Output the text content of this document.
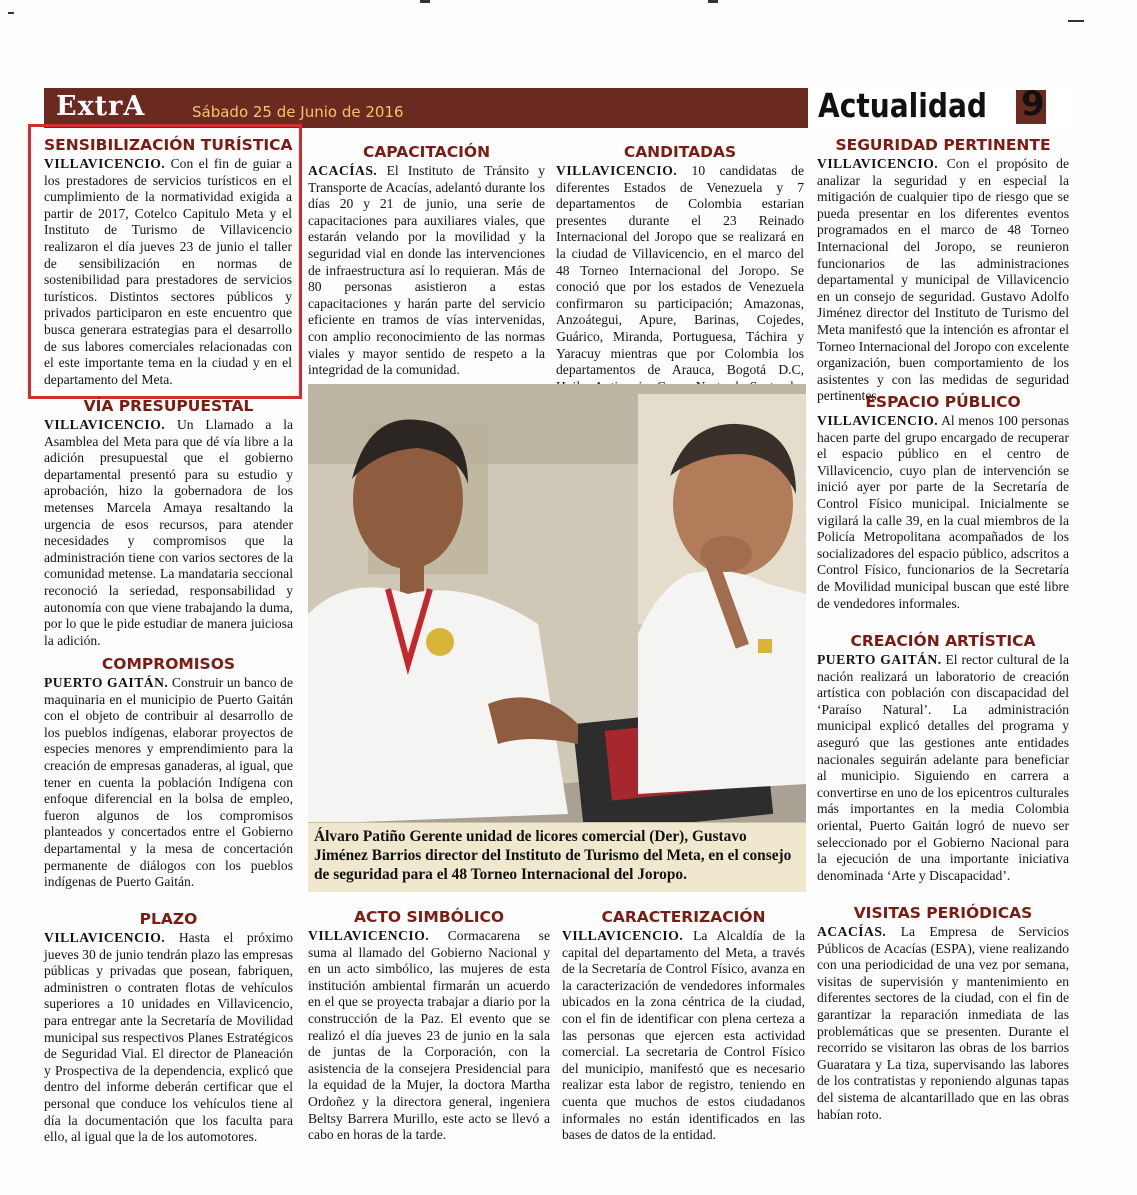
ExtrA	Sábado 25 de Junio de 2016	Actualidad 9
SENSIBILIZACIÓN TURÍSTICA
VILLAVICENCIO. Con el fin de guiar a los prestadores de servicios turísticos en el cumplimiento de la normatividad exigida a partir de 2017, Cotelco Capitulo Meta y el Instituto de Turismo de Villavicencio realizaron el día jueves 23 de junio el taller de sensibilización en normas de sostenibilidad para prestadores de servicios turísticos. Distintos sectores públicos y privados participaron en este encuentro que busca generara estrategias para el desarrollo de sus labores comerciales relacionadas con el este importante tema en la ciudad y en el departamento del Meta.
VÍA PRESUPUESTAL
VILLAVICENCIO. Un Llamado a la Asamblea del Meta para que dé vía libre a la adición presupuestal que el gobierno departamental presentó para su estudio y aprobación, hizo la gobernadora de los metenses Marcela Amaya resaltando la urgencia de esos recursos, para atender necesidades y compromisos que la administración tiene con varios sectores de la comunidad metense. La mandataria seccional reconoció la seriedad, responsabilidad y autonomía con que viene trabajando la duma, por lo que le pide estudiar de manera juiciosa la adición.
COMPROMISOS
PUERTO GAITÁN. Construir un banco de maquinaria en el municipio de Puerto Gaitán con el objeto de contribuir al desarrollo de los pueblos indígenas, elaborar proyectos de especies menores y emprendimiento para la creación de empresas ganaderas, al igual, que tener en cuenta la población Indígena con enfoque diferencial en la bolsa de empleo, fueron algunos de los compromisos planteados y concertados entre el Gobierno departamental y la mesa de concertación permanente de diálogos con los pueblos indígenas de Puerto Gaitán.
PLAZO
VILLAVICENCIO. Hasta el próximo jueves 30 de junio tendrán plazo las empresas públicas y privadas que posean, fabriquen, administren o contraten flotas de vehículos superiores a 10 unidades en Villavicencio, para entregar ante la Secretaría de Movilidad municipal sus respectivos Planes Estratégicos de Seguridad Vial. El director de Planeación y Prospectiva de la dependencia, explicó que dentro del informe deberán certificar que el personal que conduce los vehículos tiene al día la documentación que los faculta para ello, al igual que la de los automotores.
CAPACITACIÓN
ACACÍAS. El Instituto de Tránsito y Transporte de Acacías, adelantó durante los días 20 y 21 de junio, una serie de capacitaciones para auxiliares viales, que estarán velando por la movilidad y la seguridad vial en donde las intervenciones de infraestructura así lo requieran. Más de 80 personas asistieron a estas capacitaciones y harán parte del servicio eficiente en tramos de vías intervenidas, con amplio reconocimiento de las normas viales y mayor sentido de respeto a la integridad de la comunidad.
CANDITADAS
VILLAVICENCIO. 10 candidatas de diferentes Estados de Venezuela y 7 departamentos de Colombia estarian presentes durante el 23 Reinado Internacional del Joropo que se realizará en la ciudad de Villavicencio, en el marco del 48 Torneo Internacional del Joropo. Se conoció que por los estados de Venezuela confirmaron su participación; Amazonas, Anzoátegui, Apure, Barinas, Cojedes, Guárico, Miranda, Portuguesa, Táchira y Yaracuy mientras que por Colombia los departamentos de Arauca, Bogotá D.C,
Álvaro Patiño Gerente unidad de licores comercial (Der), Gustavo Jiménez Barrios director del Instituto de Turismo del Meta, en el consejo de seguridad para el 48 Torneo Internacional del Joropo.
ACTO SIMBÓLICO
VILLAVICENCIO. Cormacarena se suma al llamado del Gobierno Nacional y en un acto simbólico, las mujeres de esta institución ambiental firmarán un acuerdo en el que se proyecta trabajar a diario por la construcción de la Paz. El evento que se realizó el día jueves 23 de junio en la sala de juntas de la Corporación, con la asistencia de la consejera Presidencial para la equidad de la Mujer, la doctora Martha Ordoñez y la directora general, ingeniera Beltsy Barrera Murillo, este acto se llevó a cabo en horas de la tarde.
CARACTERIZACIÓN
VILLAVICENCIO. La Alcaldía de la capital del departamento del Meta, a través de la Secretaría de Control Físico, avanza en la caracterización de vendedores informales ubicados en la zona céntrica de la ciudad, con el fin de identificar con plena certeza a las personas que ejercen esta actividad comercial. La secretaria de Control Físico del municipio, manifestó que es necesario realizar esta labor de registro, teniendo en cuenta que muchos de estos ciudadanos informales no están identificados en las bases de datos de la entidad.
SEGURIDAD PERTINENTE
VILLAVICENCIO. Con el propósito de analizar la seguridad y en especial la mitigación de cualquier tipo de riesgo que se pueda presentar en los diferentes eventos programados en el marco de 48 Torneo Internacional del Joropo, se reunieron funcionarios de las administraciones departamental y municipal de Villavicencio en un consejo de seguridad. Gustavo Adolfo Jiménez director del Instituto de Turismo del Meta manifestó que la intención es afrontar el Torneo Internacional del Joropo con excelente organización, buen comportamiento de los asistentes y con las medidas de seguridad pertinentes.
ESPACIO PÚBLICO
VILLAVICENCIO. Al menos 100 personas hacen parte del grupo encargado de recuperar el espacio público en el centro de Villavicencio, cuyo plan de intervención se inició ayer por parte de la Secretaría de Control Físico municipal. Inicialmente se vigilará la calle 39, en la cual miembros de la Policía Metropolitana acompañados de los socializadores del espacio público, adscritos a Control Físico, funcionarios de la Secretaría de Movilidad municipal buscan que esté libre de vendedores informales.
CREACIÓN ARTÍSTICA
PUERTO GAITÁN. El rector cultural de la nación realizará un laboratorio de creación artística con población con discapacidad del ‘Paraíso Natural’. La administración municipal explicó detalles del programa y aseguró que las gestiones ante entidades nacionales seguirán adelante para beneficiar al municipio. Siguiendo en carrera a convertirse en uno de los epicentros culturales más importantes en la media Colombia oriental, Puerto Gaitán logró de nuevo ser seleccionado por el Gobierno Nacional para la ejecución de una importante iniciativa denominada ‘Arte y Discapacidad’.
VISITAS PERIÓDICAS
ACACÍAS. La Empresa de Servicios Públicos de Acacías (ESPA), viene realizando con una periodicidad de una vez por semana, visitas de supervisión y mantenimiento en diferentes sectores de la ciudad, con el fin de garantizar la reparación inmediata de las problemáticas que se presenten. Durante el recorrido se visitaron las obras de los barrios Guaratara y La tiza, supervisando las labores de los contratistas y reponiendo algunas tapas del sistema de alcantarillado que en las obras habían roto.
